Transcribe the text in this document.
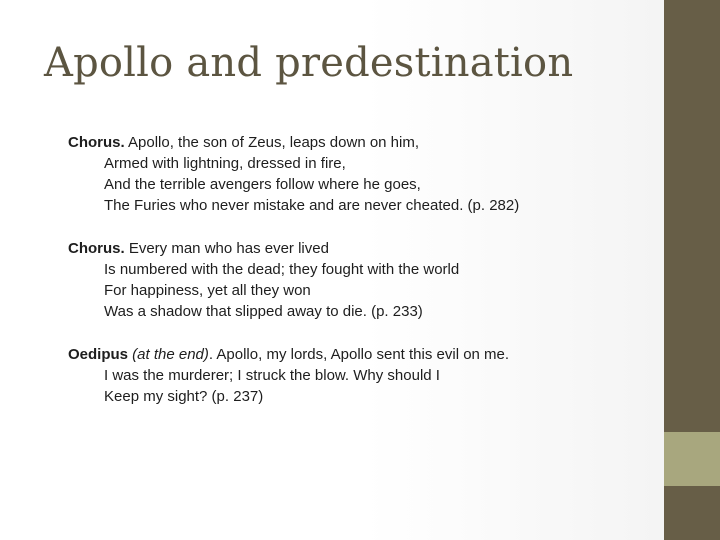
Apollo and predestination

Chorus. Apollo, the son of Zeus, leaps down on him,

Armed with lightning, dressed in fire,

And the terrible avengers follow where he goes,

The Furies who never mistake and are never cheated. (p. 282)

Chorus. Every man who has ever lived

Is numbered with the dead; they fought with the world

For happiness, yet all they won

Was a shadow that slipped away to die. (p. 233)

Oedipus (at the end). Apollo, my lords, Apollo sent this evil on me.

I was the murderer; I struck the blow. Why should I

Keep my sight? (p. 237)
